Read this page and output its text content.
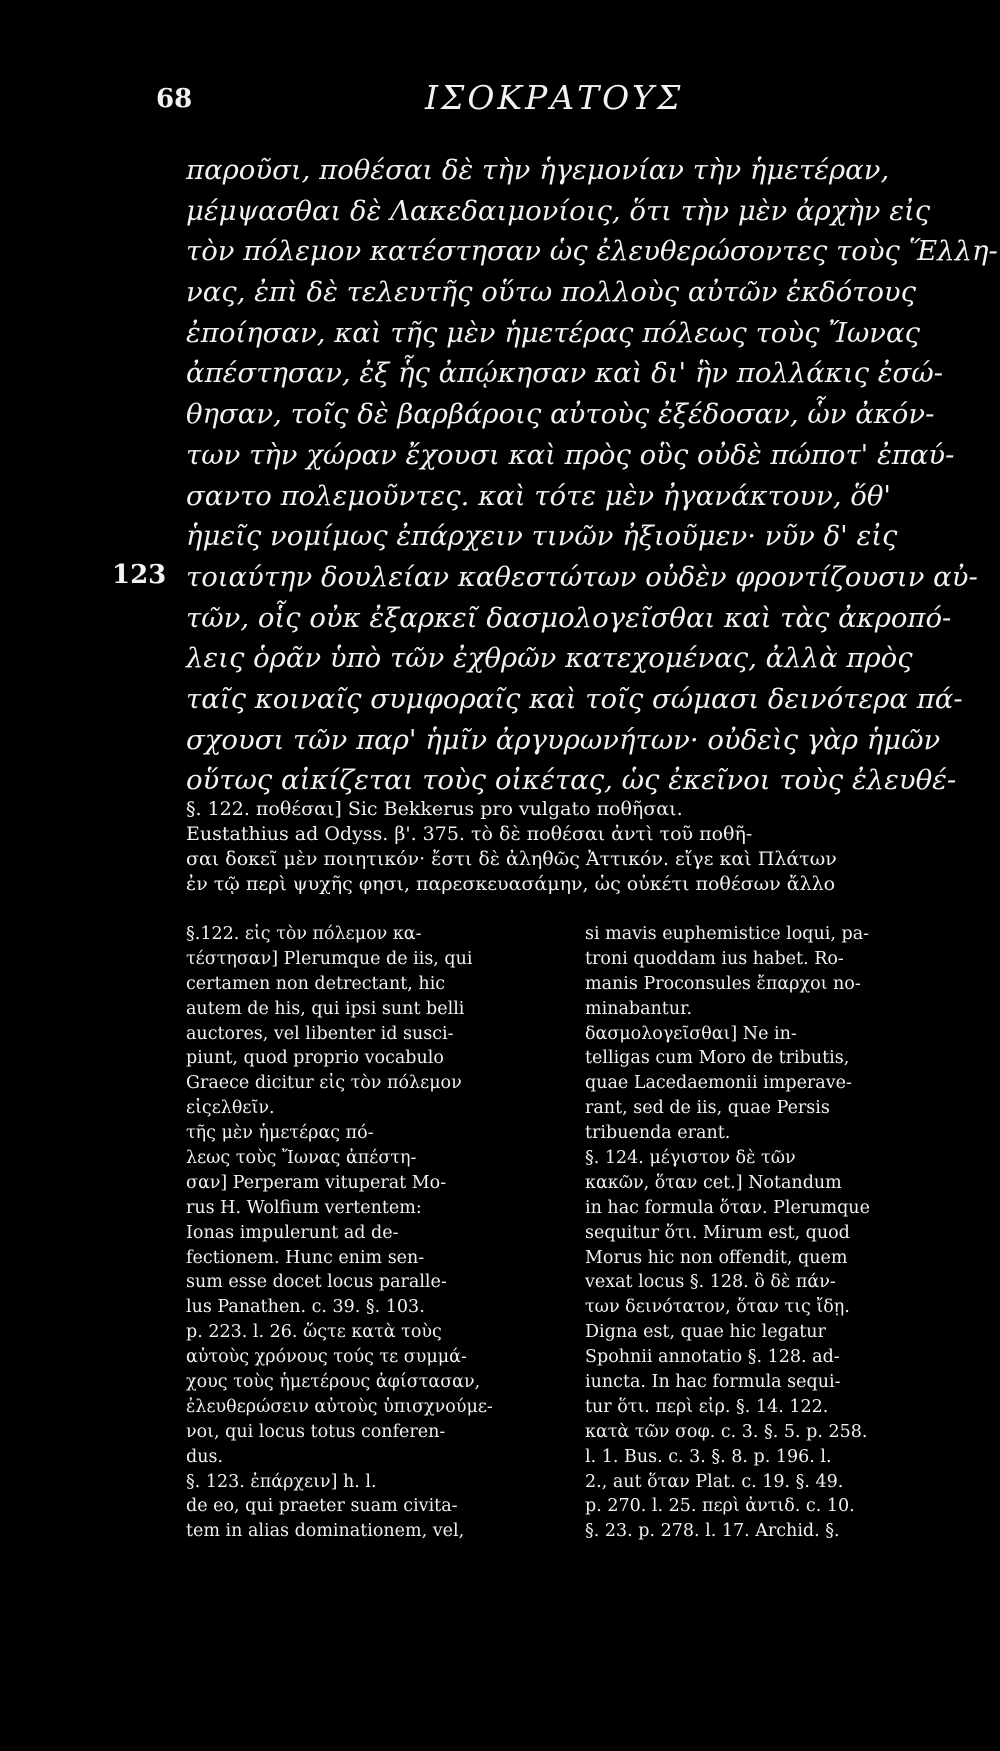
68	ΙΣΟΚΡΑΤΟΥΣ
123
παροῦσι, ποθέσαι δὲ τὴν ἡγεμονίαν τὴν ἡμετέραν,
μέμψασθαι δὲ Λακεδαιμονίοις, ὅτι τὴν μὲν ἀρχὴν εἰς
τὸν πόλεμον κατέστησαν ὡς ἐλευθερώσοντες τοὺς Ἕλλη-
νας, ἐπὶ δὲ τελευτῆς οὕτω πολλοὺς αὐτῶν ἐκδότους
ἐποίησαν, καὶ τῆς μὲν ἡμετέρας πόλεως τοὺς Ἴωνας
ἀπέστησαν, ἐξ ἧς ἀπῴκησαν καὶ δι' ἣν πολλάκις ἐσώ-
θησαν, τοῖς δὲ βαρβάροις αὐτοὺς ἐξέδοσαν, ὧν ἀκόν-
των τὴν χώραν ἔχουσι καὶ πρὸς οὓς οὐδὲ πώποτ' ἐπαύ-
σαντο πολεμοῦντες. καὶ τότε μὲν ἠγανάκτουν, ὅθ'
ἡμεῖς νομίμως ἐπάρχειν τινῶν ἠξιοῦμεν· νῦν δ' εἰς
τοιαύτην δουλείαν καθεστώτων οὐδὲν φροντίζουσιν αὐ-
τῶν, οἷς οὐκ ἐξαρκεῖ δασμολογεῖσθαι καὶ τὰς ἀκροπό-
λεις ὁρᾶν ὑπὸ τῶν ἐχθρῶν κατεχομένας, ἀλλὰ πρὸς
ταῖς κοιναῖς συμφοραῖς καὶ τοῖς σώμασι δεινότερα πά-
σχουσι τῶν παρ' ἡμῖν ἀργυρωνήτων· οὐδεὶς γὰρ ἡμῶν
οὕτως αἰκίζεται τοὺς οἰκέτας, ὡς ἐκεῖνοι τοὺς ἐλευθέ-
§. 122. ποθέσαι] Sic Bekkerus pro vulgato ποθῆσαι.
Eustathius ad Odyss. β'. 375. τὸ δὲ ποθέσαι ἀντὶ τοῦ ποθῆ-
σαι δοκεῖ μὲν ποιητικόν· ἔστι δὲ ἀληθῶς Ἀττικόν. εἴγε καὶ Πλάτων
ἐν τῷ περὶ ψυχῆς φησι, παρεσκευασάμην, ὡς οὐκέτι ποθέσων ἄλλο
§.122. εἰς τὸν πόλεμον κα-
τέστησαν] Plerumque de iis, qui
certamen non detrectant, hic
autem de his, qui ipsi sunt belli
auctores, vel libenter id susci-
piunt, quod proprio vocabulo
Graece dicitur εἰς τὸν πόλεμον
εἰςελθεῖν.
τῆς μὲν ἡμετέρας πό-
λεως τοὺς Ἴωνας ἀπέστη-
σαν] Perperam vituperat Mo-
rus H. Wolfium vertentem:
Ionas impulerunt ad de-
fectionem. Hunc enim sen-
sum esse docet locus paralle-
lus Panathen. c. 39. §. 103.
p. 223. l. 26. ὥςτε κατὰ τοὺς
αὐτοὺς χρόνους τούς τε συμμά-
χους τοὺς ἡμετέρους ἀφίστασαν,
ἐλευθερώσειν αὐτοὺς ὑπισχνούμε-
νοι, qui locus totus conferen-
dus.
§. 123. ἐπάρχειν] h. l.
de eo, qui praeter suam civita-
tem in alias dominationem, vel,
si mavis euphemistice loqui, pa-
troni quoddam ius habet. Ro-
manis Proconsules ἔπαρχοι no-
minabantur.
δασμολογεῖσθαι] Ne in-
telligas cum Moro de tributis,
quae Lacedaemonii imperave-
rant, sed de iis, quae Persis
tribuenda erant.
§. 124. μέγιστον δὲ τῶν
κακῶν, ὅταν cet.] Notandum
in hac formula ὅταν. Plerumque
sequitur ὅτι. Mirum est, quod
Morus hic non offendit, quem
vexat locus §. 128. ὃ δὲ πάν-
των δεινότατον, ὅταν τις ἴδῃ.
Digna est, quae hic legatur
Spohnii annotatio §. 128. ad-
iuncta. In hac formula sequi-
tur ὅτι. περὶ εἰρ. §. 14. 122.
κατὰ τῶν σοφ. c. 3. §. 5. p. 258.
l. 1. Bus. c. 3. §. 8. p. 196. l.
2., aut ὅταν Plat. c. 19. §. 49.
p. 270. l. 25. περὶ ἀντιδ. c. 10.
§. 23. p. 278. l. 17. Archid. §.
